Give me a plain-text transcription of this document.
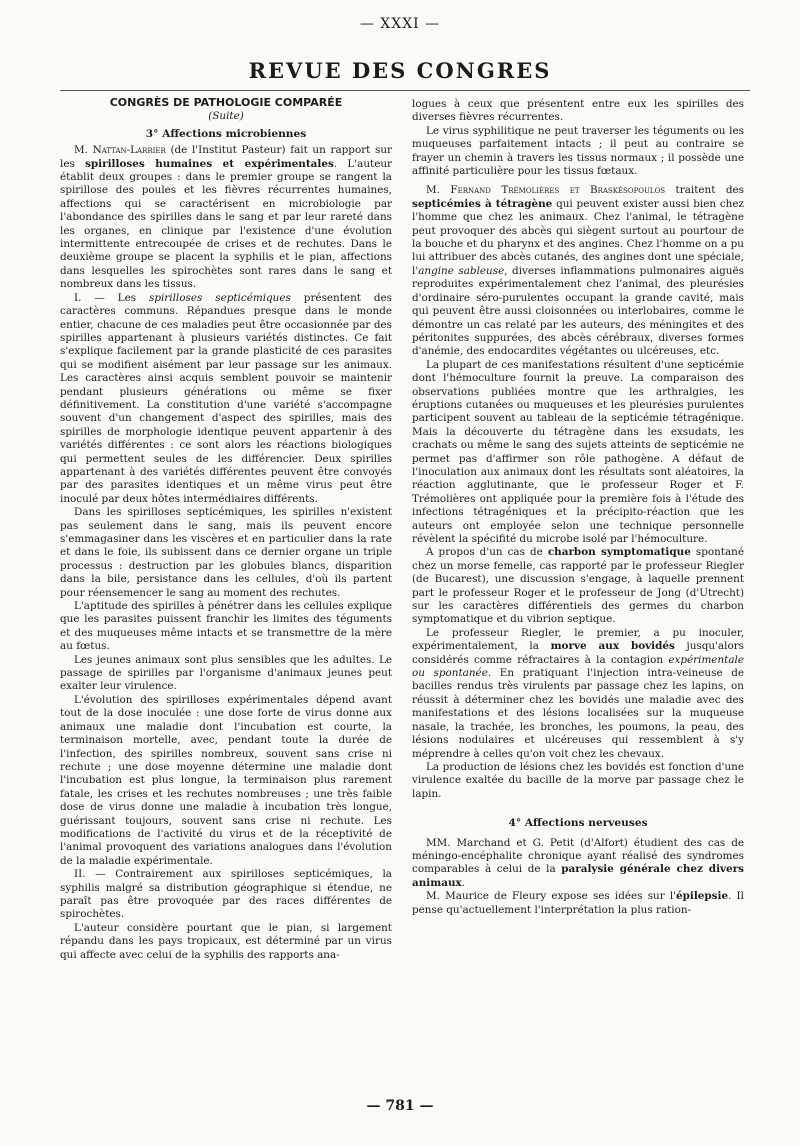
— XXXI —
REVUE DES CONGRES
CONGRÈS DE PATHOLOGIE COMPARÉE
(Suite)
3° Affections microbiennes

M. Nattan-Larrier (de l'Institut Pasteur) fait un rapport sur les spirilloses humaines et expérimentales. L'auteur établit deux groupes : dans le premier groupe se rangent la spirillose des poules et les fièvres récurrentes humaines, affections qui se caractérisent en microbiologie par l'abondance des spirilles dans le sang et par leur rareté dans les organes, en clinique par l'existence d'une évolution intermittente entrecoupée de crises et de rechutes. Dans le deuxième groupe se placent la syphilis et le pian, affections dans lesquelles les spirochètes sont rares dans le sang et nombreux dans les tissus.

I. — Les spirilloses septicémiques présentent des caractères communs. Répandues presque dans le monde entier, chacune de ces maladies peut être occasionnée par des spirilles appartenant à plusieurs variétés distinctes. Ce fait s'explique facilement par la grande plasticité de ces parasites qui se modifient aisément par leur passage sur les animaux. Les caractères ainsi acquis semblent pouvoir se maintenir pendant plusieurs générations ou même se fixer définitivement. La constitution d'une variété s'accompagne souvent d'un changement d'aspect des spirilles, mais des spirilles de morphologie identique peuvent appartenir à des variétés différentes : ce sont alors les réactions biologiques qui permettent seules de les différencier. Deux spirilles appartenant à des variétés différentes peuvent être convoyés par des parasites identiques et un même virus peut être inoculé par deux hôtes intermédiaires différents.

Dans les spirilloses septicémiques, les spirilles n'existent pas seulement dans le sang, mais ils peuvent encore s'emmagasiner dans les viscères et en particulier dans la rate et dans le foie, ils subissent dans ce dernier organe un triple processus : destruction par les globules blancs, disparition dans la bile, persistance dans les cellules, d'où ils partent pour réensemencer le sang au moment des rechutes.

L'aptitude des spirilles à pénétrer dans les cellules explique que les parasites puissent franchir les limites des téguments et des muqueuses même intacts et se transmettre de la mère au fœtus.

Les jeunes animaux sont plus sensibles que les adultes. Le passage de spirilles par l'organisme d'animaux jeunes peut exalter leur virulence.

L'évolution des spirilloses expérimentales dépend avant tout de la dose inoculée : une dose forte de virus donne aux animaux une maladie dont l'incubation est courte, la terminaison mortelle, avec, pendant toute la durée de l'infection, des spirilles nombreux, souvent sans crise ni rechute ; une dose moyenne détermine une maladie dont l'incubation est plus longue, la terminaison plus rarement fatale, les crises et les rechutes nombreuses ; une très faible dose de virus donne une maladie à incubation très longue, guérissant toujours, souvent sans crise ni rechute. Les modifications de l'activité du virus et de la réceptivité de l'animal provoquent des variations analogues dans l'évolution de la maladie expérimentale.

II. — Contrairement aux spirilloses septicémiques, la syphilis malgré sa distribution géographique si étendue, ne paraît pas être provoquée par des races différentes de spirochètes.

L'auteur considère pourtant que le pian, si largement répandu dans les pays tropicaux, est déterminé par un virus qui affecte avec celui de la syphilis des rapports ana-

logues à ceux que présentent entre eux les spirilles des diverses fièvres récurrentes.

Le virus syphilitique ne peut traverser les téguments ou les muqueuses parfaitement intacts ; il peut au contraire se frayer un chemin à travers les tissus normaux ; il possède une affinité particulière pour les tissus fœtaux.

M. Fernand Trémolières et Braskésopoulos traitent des septicémies à tétragène qui peuvent exister aussi bien chez l'homme que chez les animaux. Chez l'animal, le tétragène peut provoquer des abcès qui siègent surtout au pourtour de la bouche et du pharynx et des angines. Chez l'homme on a pu lui attribuer des abcès cutanés, des angines dont une spéciale, l'angine sableuse, diverses inflammations pulmonaires aiguës reproduites expérimentalement chez l'animal, des pleurésies d'ordinaire séro-purulentes occupant la grande cavité, mais qui peuvent être aussi cloisonnées ou interlobaires, comme le démontre un cas relaté par les auteurs, des méningites et des péritonites suppurées, des abcès cérébraux, diverses formes d'anémie, des endocardites végétantes ou ulcéreuses, etc.

La plupart de ces manifestations résultent d'une septicémie dont l'hémoculture fournit la preuve. La comparaison des observations publiées montre que les arthralgies, les éruptions cutanées ou muqueuses et les pleurésies purulentes participent souvent au tableau de la septicémie tétragénique. Mais la découverte du tétragène dans les exsudats, les crachats ou même le sang des sujets atteints de septicémie ne permet pas d'affirmer son rôle pathogène. A défaut de l'inoculation aux animaux dont les résultats sont aléatoires, la réaction agglutinante, que le professeur Roger et F. Trémolières ont appliquée pour la première fois à l'étude des infections tétragéniques et la précipito-réaction que les auteurs ont employée selon une technique personnelle révèlent la spécifité du microbe isolé par l'hémoculture.

A propos d'un cas de charbon symptomatique spontané chez un morse femelle, cas rapporté par le professeur Riegler (de Bucarest), une discussion s'engage, à laquelle prennent part le professeur Roger et le professeur de Jong (d'Utrecht) sur les caractères différentiels des germes du charbon symptomatique et du vibrion septique.

Le professeur Riegler, le premier, a pu inoculer, expérimentalement, la morve aux bovidés jusqu'alors considérés comme réfractaires à la contagion expérimentale ou spontanée. En pratiquant l'injection intra-veineuse de bacilles rendus très virulents par passage chez les lapins, on réussit à déterminer chez les bovidés une maladie avec des manifestations et des lésions localisées sur la muqueuse nasale, la trachée, les bronches, les poumons, la peau, des lésions nodulaires et ulcéreuses qui ressemblent à s'y méprendre à celles qu'on voit chez les chevaux.

La production de lésions chez les bovidés est fonction d'une virulence exaltée du bacille de la morve par passage chez le lapin.

4° Affections nerveuses

MM. Marchand et G. Petit (d'Alfort) étudient des cas de méningo-encéphalite chronique ayant réalisé des syndromes comparables à celui de la paralysie générale chez divers animaux.

M. Maurice de Fleury expose ses idées sur l'épilepsie. Il pense qu'actuellement l'interprétation la plus ration-

— 781 —
